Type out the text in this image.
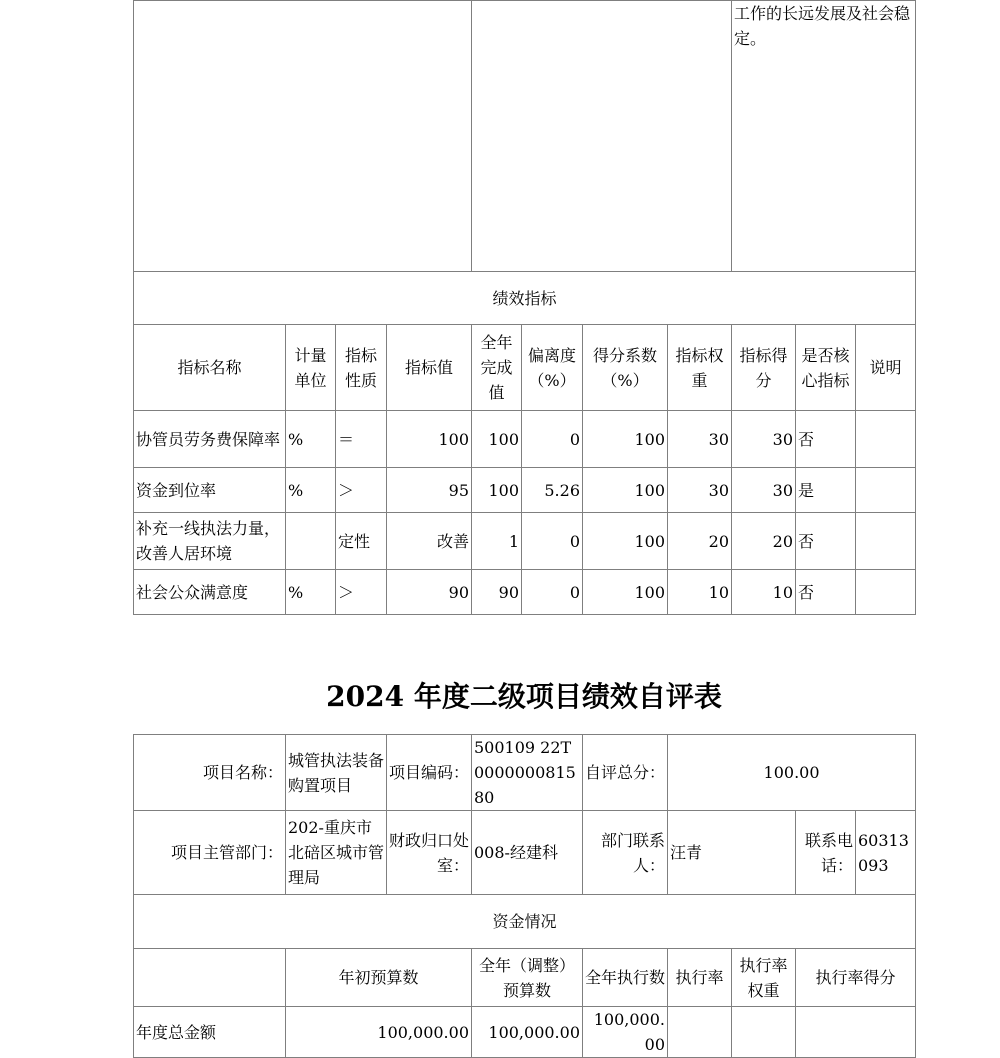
								工作的长远发展及社会稳定。		
绩效指标										
指标名称	计量单位	指标性质	指标值	全年完成值	偏离度（%）	得分系数（%）	指标权重	指标得分	是否核心指标	说明
协管员劳务费保障率	%	＝	100	100	0	100	30	30	否	
资金到位率	%	＞	95	100	5.26	100	30	30	是	
补充一线执法力量，改善人居环境		定性	改善	1	0	100	20	20	否	
社会公众满意度	%	＞	90	90	0	100	10	10	否	
2024 年度二级项目绩效自评表
项目名称：	城管执法装备购置项目	项目编码：	500109 22T000000081580	自评总分：	100.00			
项目主管部门：	202-重庆市北碚区城市管理局	财政归口处室：	008-经建科	部门联系人：	汪青		联系电话：	60313093
资金情况								
	年初预算数		全年（调整）预算数	全年执行数	执行率	执行率权重	执行率得分	
年度总金额	100,000.00		100,000.00	100,000.00				
